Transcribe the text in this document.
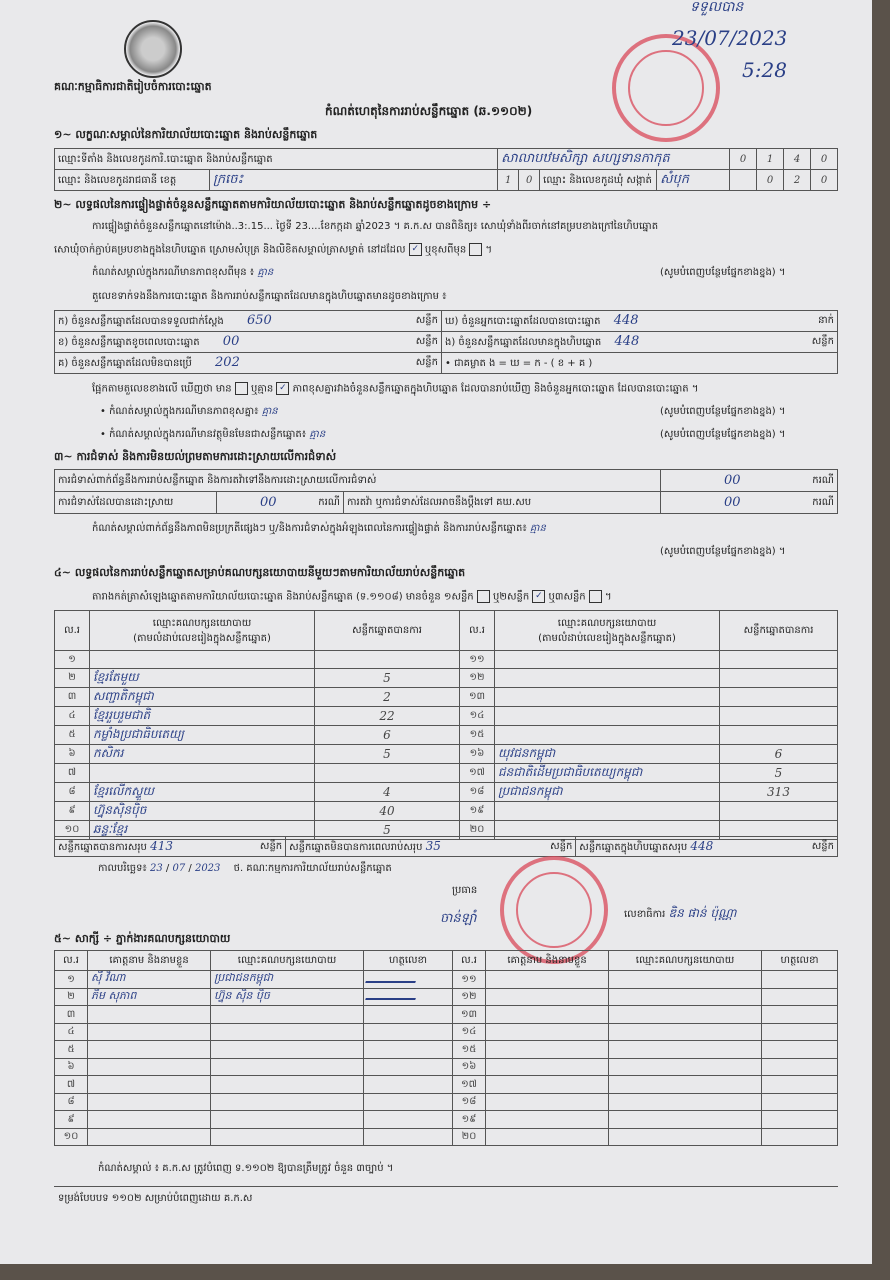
គណៈកម្មាធិការជាតិរៀបចំការបោះឆ្នោត
កំណត់ហេតុនៃការរាប់សន្លឹកឆ្នោត (ឆ.១១០២)
ទទួលបាន
23/07/2023
5:28
១~ លក្ខណៈសម្គាល់នៃការិយាល័យបោះឆ្នោត និងរាប់សន្លឹកឆ្នោត
ឈ្មោះទីតាំង និងលេខកូដការិ.បោះឆ្នោត និងរាប់សន្លឹកឆ្នោត		សាលាបឋមសិក្សា សហ្សទានកាកុត				0	1	4	0
ឈ្មោះ និងលេខកូដរាជធានី ខេត្ត	ក្រចេះ	1	0	ឈ្មោះ និងលេខកូដឃុំ សង្កាត់	សំបុក		0	2	0
២~ លទ្ធផលនៃការផ្ទៀងផ្ទាត់ចំនួនសន្លឹកឆ្នោតតាមការិយាល័យបោះឆ្នោត និងរាប់សន្លឹកឆ្នោតដូចខាងក្រោម ÷
ការផ្ទៀងផ្ទាត់ចំនួនសន្លឹកឆ្នោតនៅម៉ោង..3:.15... ថ្ងៃទី 23....ខែកក្កដា ឆ្នាំ2023 ។ គ.ក.ស បានពិនិត្យ៖ សោឃុំទាំងពីរចាក់នៅគម្របខាងក្រៅនៃហិបឆ្នោត
សោឃុំចាក់ភ្ជាប់គម្របខាងក្នុងនៃហិបឆ្នោត ស្រោមសំបុត្រ និងលិខិតសម្គាល់ត្រាសម្ងាត់ នៅដដែល ✓ ឬខុសពីមុន  ។
កំណត់សម្គាល់ក្នុងករណីមានភាពខុសពីមុន ៖ គ្មាន	(សូមបំពេញបន្ថែមផ្នែកខាងខ្នង) ។
តួលេខទាក់ទងនឹងការបោះឆ្នោត និងការរាប់សន្លឹកឆ្នោតដែលមានក្នុងហិបឆ្នោតមានដូចខាងក្រោម ៖
ក) ចំនួនសន្លឹកឆ្នោតដែលបានទទួលជាក់ស្តែង 650 សន្លឹក	ឃ) ចំនួនអ្នកបោះឆ្នោតដែលបានបោះឆ្នោត 448 នាក់

ខ) ចំនួនសន្លឹកឆ្នោតខូចពេលបោះឆ្នោត 00 សន្លឹក	ង) ចំនួនសន្លឹកឆ្នោតដែលមានក្នុងហិបឆ្នោត 448 សន្លឹក

គ) ចំនួនសន្លឹកឆ្នោតដែលមិនបានប្រើ 202 សន្លឹក	• ជាគម្លាត ង = ឃ = ក - ( ខ + គ )
ផ្អែកតាមតួលេខខាងលើ ឃើញថា មាន ឬគ្មាន ✓ ភាពខុសគ្នារវាងចំនួនសន្លឹកឆ្នោតក្នុងហិបឆ្នោត ដែលបានរាប់ឃើញ និងចំនួនអ្នកបោះឆ្នោត ដែលបានបោះឆ្នោត ។
• កំណត់សម្គាល់ក្នុងករណីមានភាពខុសគ្នា៖ គ្មាន	(សូមបំពេញបន្ថែមផ្នែកខាងខ្នង) ។
• កំណត់សម្គាល់ក្នុងករណីមានវត្ថុមិនមែនជាសន្លឹកឆ្នោត៖ គ្មាន	(សូមបំពេញបន្ថែមផ្នែកខាងខ្នង) ។
៣~ ការជំទាស់ និងការមិនយល់ព្រមតាមការដោះស្រាយលើការជំទាស់
ការជំទាស់ពាក់ព័ន្ធនឹងការរាប់សន្លឹកឆ្នោត និងការតវ៉ាទៅនឹងការដោះស្រាយលើការជំទាស់			00 ករណី

ការជំទាស់ដែលបានដោះស្រាយ	00 ករណី	ការតវ៉ា ឬការជំទាស់ដែលអាចនឹងប្តឹងទៅ គឃ.សប	00 ករណី
កំណត់សម្គាល់ពាក់ព័ន្ធនឹងភាពមិនប្រក្រតីផ្សេងៗ ឬ/និងការជំទាស់ក្នុងអំឡុងពេលនៃការផ្ទៀងផ្ទាត់ និងការរាប់សន្លឹកឆ្នោត៖ គ្មាន
(សូមបំពេញបន្ថែមផ្នែកខាងខ្នង) ។
៤~ លទ្ធផលនៃការរាប់សន្លឹកឆ្នោតសម្រាប់គណបក្សនយោបាយនីមួយៗតាមការិយាល័យរាប់សន្លឹកឆ្នោត
តារាងកត់ត្រាសំឡេងឆ្នោតតាមការិយាល័យបោះឆ្នោត និងរាប់សន្លឹកឆ្នោត (ទ.១១០៨) មានចំនួន ១សន្លឹក ឬ២សន្លឹក ✓ ឬ៣សន្លឹក  ។
ល.រ	ឈ្មោះគណបក្សនយោបាយ
(តាមលំដាប់លេខរៀងក្នុងសន្លឹកឆ្នោត)	សន្លឹកឆ្នោតបានការ	ល.រ	ឈ្មោះគណបក្សនយោបាយ
(តាមលំដាប់លេខរៀងក្នុងសន្លឹកឆ្នោត)	សន្លឹកឆ្នោតបានការ
១			១១		
២	ខ្មែរតែមួយ	5	១២		
៣	សញ្ជាតិកម្ពុជា	2	១៣		
៤	ខ្មែររួបរួមជាតិ	22	១៤		
៥	កម្លាំងប្រជាធិបតេយ្យ	6	១៥		
៦	កសិករ	5	១៦	យុវជនកម្ពុជា	6
៧			១៧	ជនជាតិដើមប្រជាធិបតេយ្យកម្ពុជា	5
៨	ខ្មែរលើកស្ទួយ	4	១៨	ប្រជាជនកម្ពុជា	313
៩	ហ្វ៊ុនស៊ិនប៉ិច	40	១៩		
១០	ឆន្ទៈខ្មែរ	5	២០		
សន្លឹកឆ្នោតបានការសរុប 413	សន្លឹក	សន្លឹកឆ្នោតមិនបានការពេលរាប់សរុប 35	សន្លឹក	សន្លឹកឆ្នោតក្នុងហិបឆ្នោតសរុប 448	សន្លឹក
កាលបរិច្ឆេទ៖ 23 / 07 / 2023 ថ. គណៈកម្មការការិយាល័យរាប់សន្លឹកឆ្នោត
ប្រធាន
ចាន់ឡាំ	លេខាធិការ ឌិន ផាន់ ប៉ុណ្ណា
៥~ សាក្សី ÷ ភ្នាក់ងារគណបក្សនយោបាយ
ល.រ	គោត្តនាម និងនាមខ្លួន	ឈ្មោះគណបក្សនយោបាយ	ហត្ថលេខា	ល.រ	គោត្តនាម និងនាមខ្លួន	ឈ្មោះគណបក្សនយោបាយ	ហត្ថលេខា
១	ស៊ី វិណា	ប្រជាជនកម្ពុជា		១១			
២	ភឹម សុភាព	ហ្វ៊ុន ស៊ិន ប៉ិច		១២			
៣				១៣			
៤				១៤			
៥				១៥			
៦				១៦			
៧				១៧			
៨				១៨			
៩				១៩			
១០				២០			
កំណត់សម្គាល់ ៖ គ.ក.ស ត្រូវបំពេញ ទ.១១០២ ឱ្យបានត្រឹមត្រូវ ចំនួន ៣ច្បាប់ ។
ទម្រង់បែបបទ ១១០២ សម្រាប់បំពេញដោយ គ.ក.ស
